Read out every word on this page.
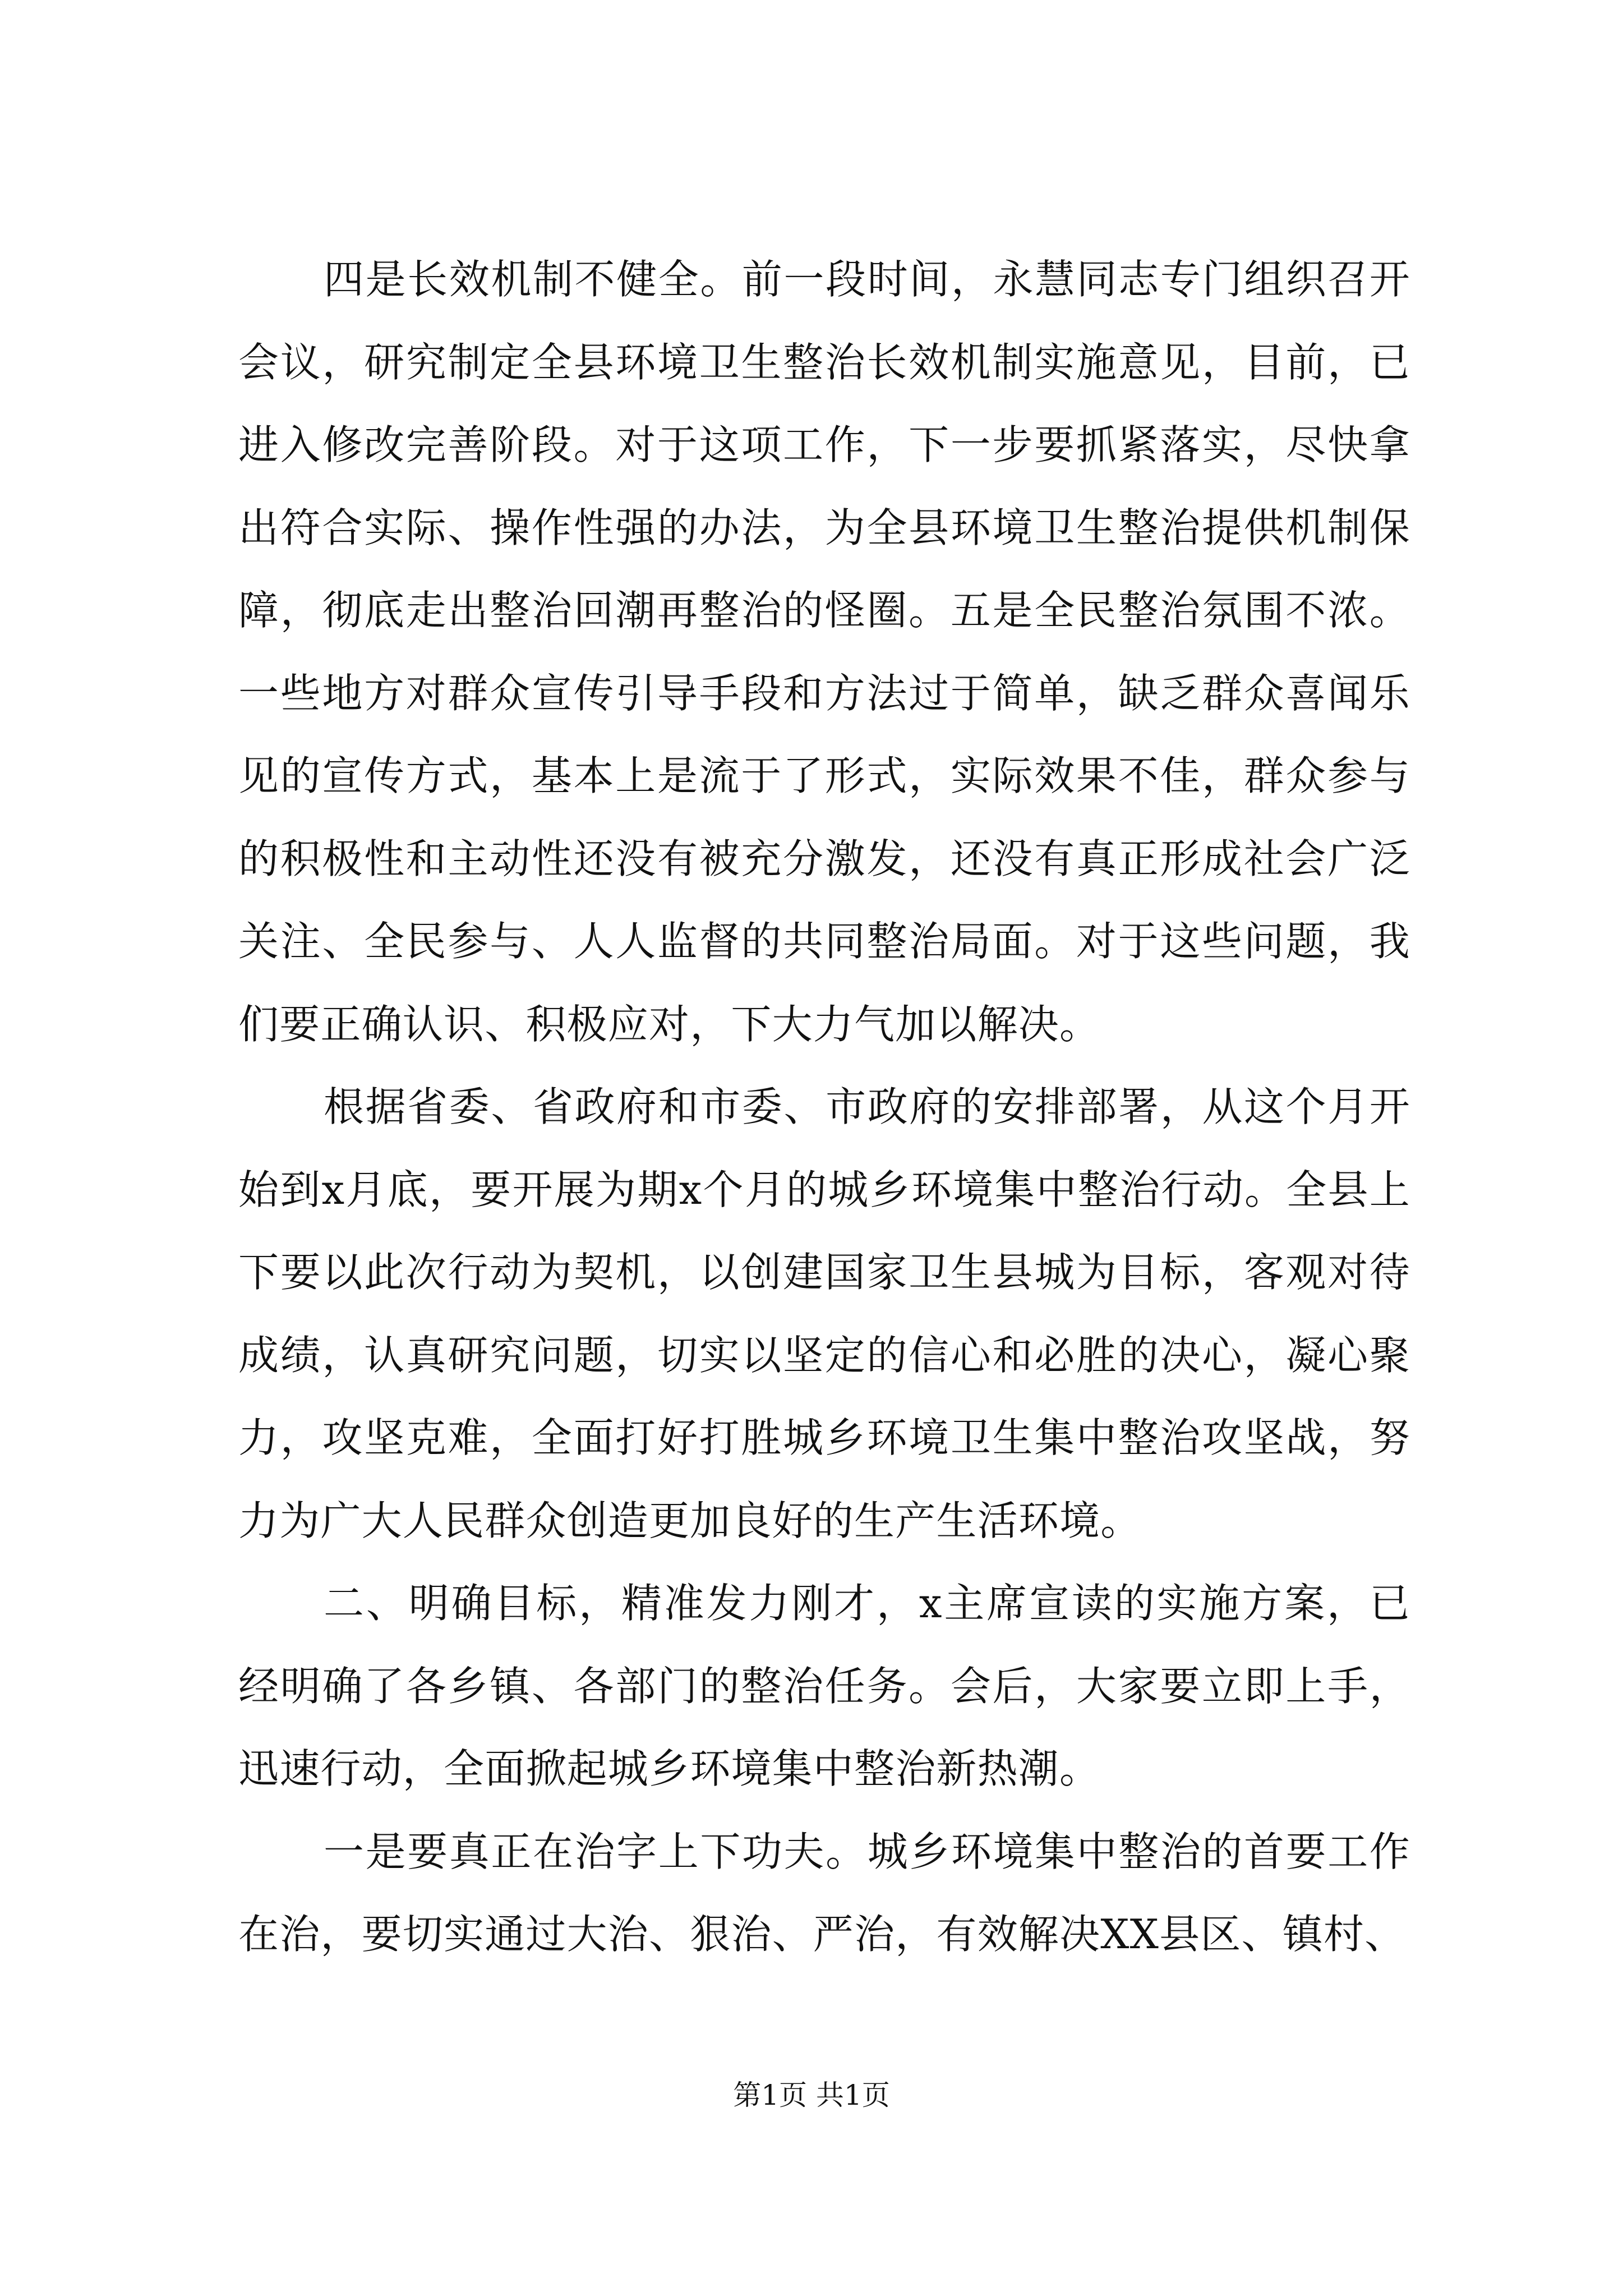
四是长效机制不健全。前一段时间，永慧同志专门组织召开会议，研究制定全县环境卫生整治长效机制实施意见，目前，已进入修改完善阶段。对于这项工作，下一步要抓紧落实，尽快拿出符合实际、操作性强的办法，为全县环境卫生整治提供机制保障，彻底走出整治回潮再整治的怪圈。五是全民整治氛围不浓。一些地方对群众宣传引导手段和方法过于简单，缺乏群众喜闻乐见的宣传方式，基本上是流于了形式，实际效果不佳，群众参与的积极性和主动性还没有被充分激发，还没有真正形成社会广泛关注、全民参与、人人监督的共同整治局面。对于这些问题，我们要正确认识、积极应对，下大力气加以解决。

根据省委、省政府和市委、市政府的安排部署，从这个月开始到x月底，要开展为期x个月的城乡环境集中整治行动。全县上下要以此次行动为契机，以创建国家卫生县城为目标，客观对待成绩，认真研究问题，切实以坚定的信心和必胜的决心，凝心聚力，攻坚克难，全面打好打胜城乡环境卫生集中整治攻坚战，努力为广大人民群众创造更加良好的生产生活环境。

二、明确目标，精准发力刚才，x主席宣读的实施方案，已经明确了各乡镇、各部门的整治任务。会后，大家要立即上手，迅速行动，全面掀起城乡环境集中整治新热潮。

一是要真正在治字上下功夫。城乡环境集中整治的首要工作在治，要切实通过大治、狠治、严治，有效解决XX县区、镇村、

第1页 共1页
